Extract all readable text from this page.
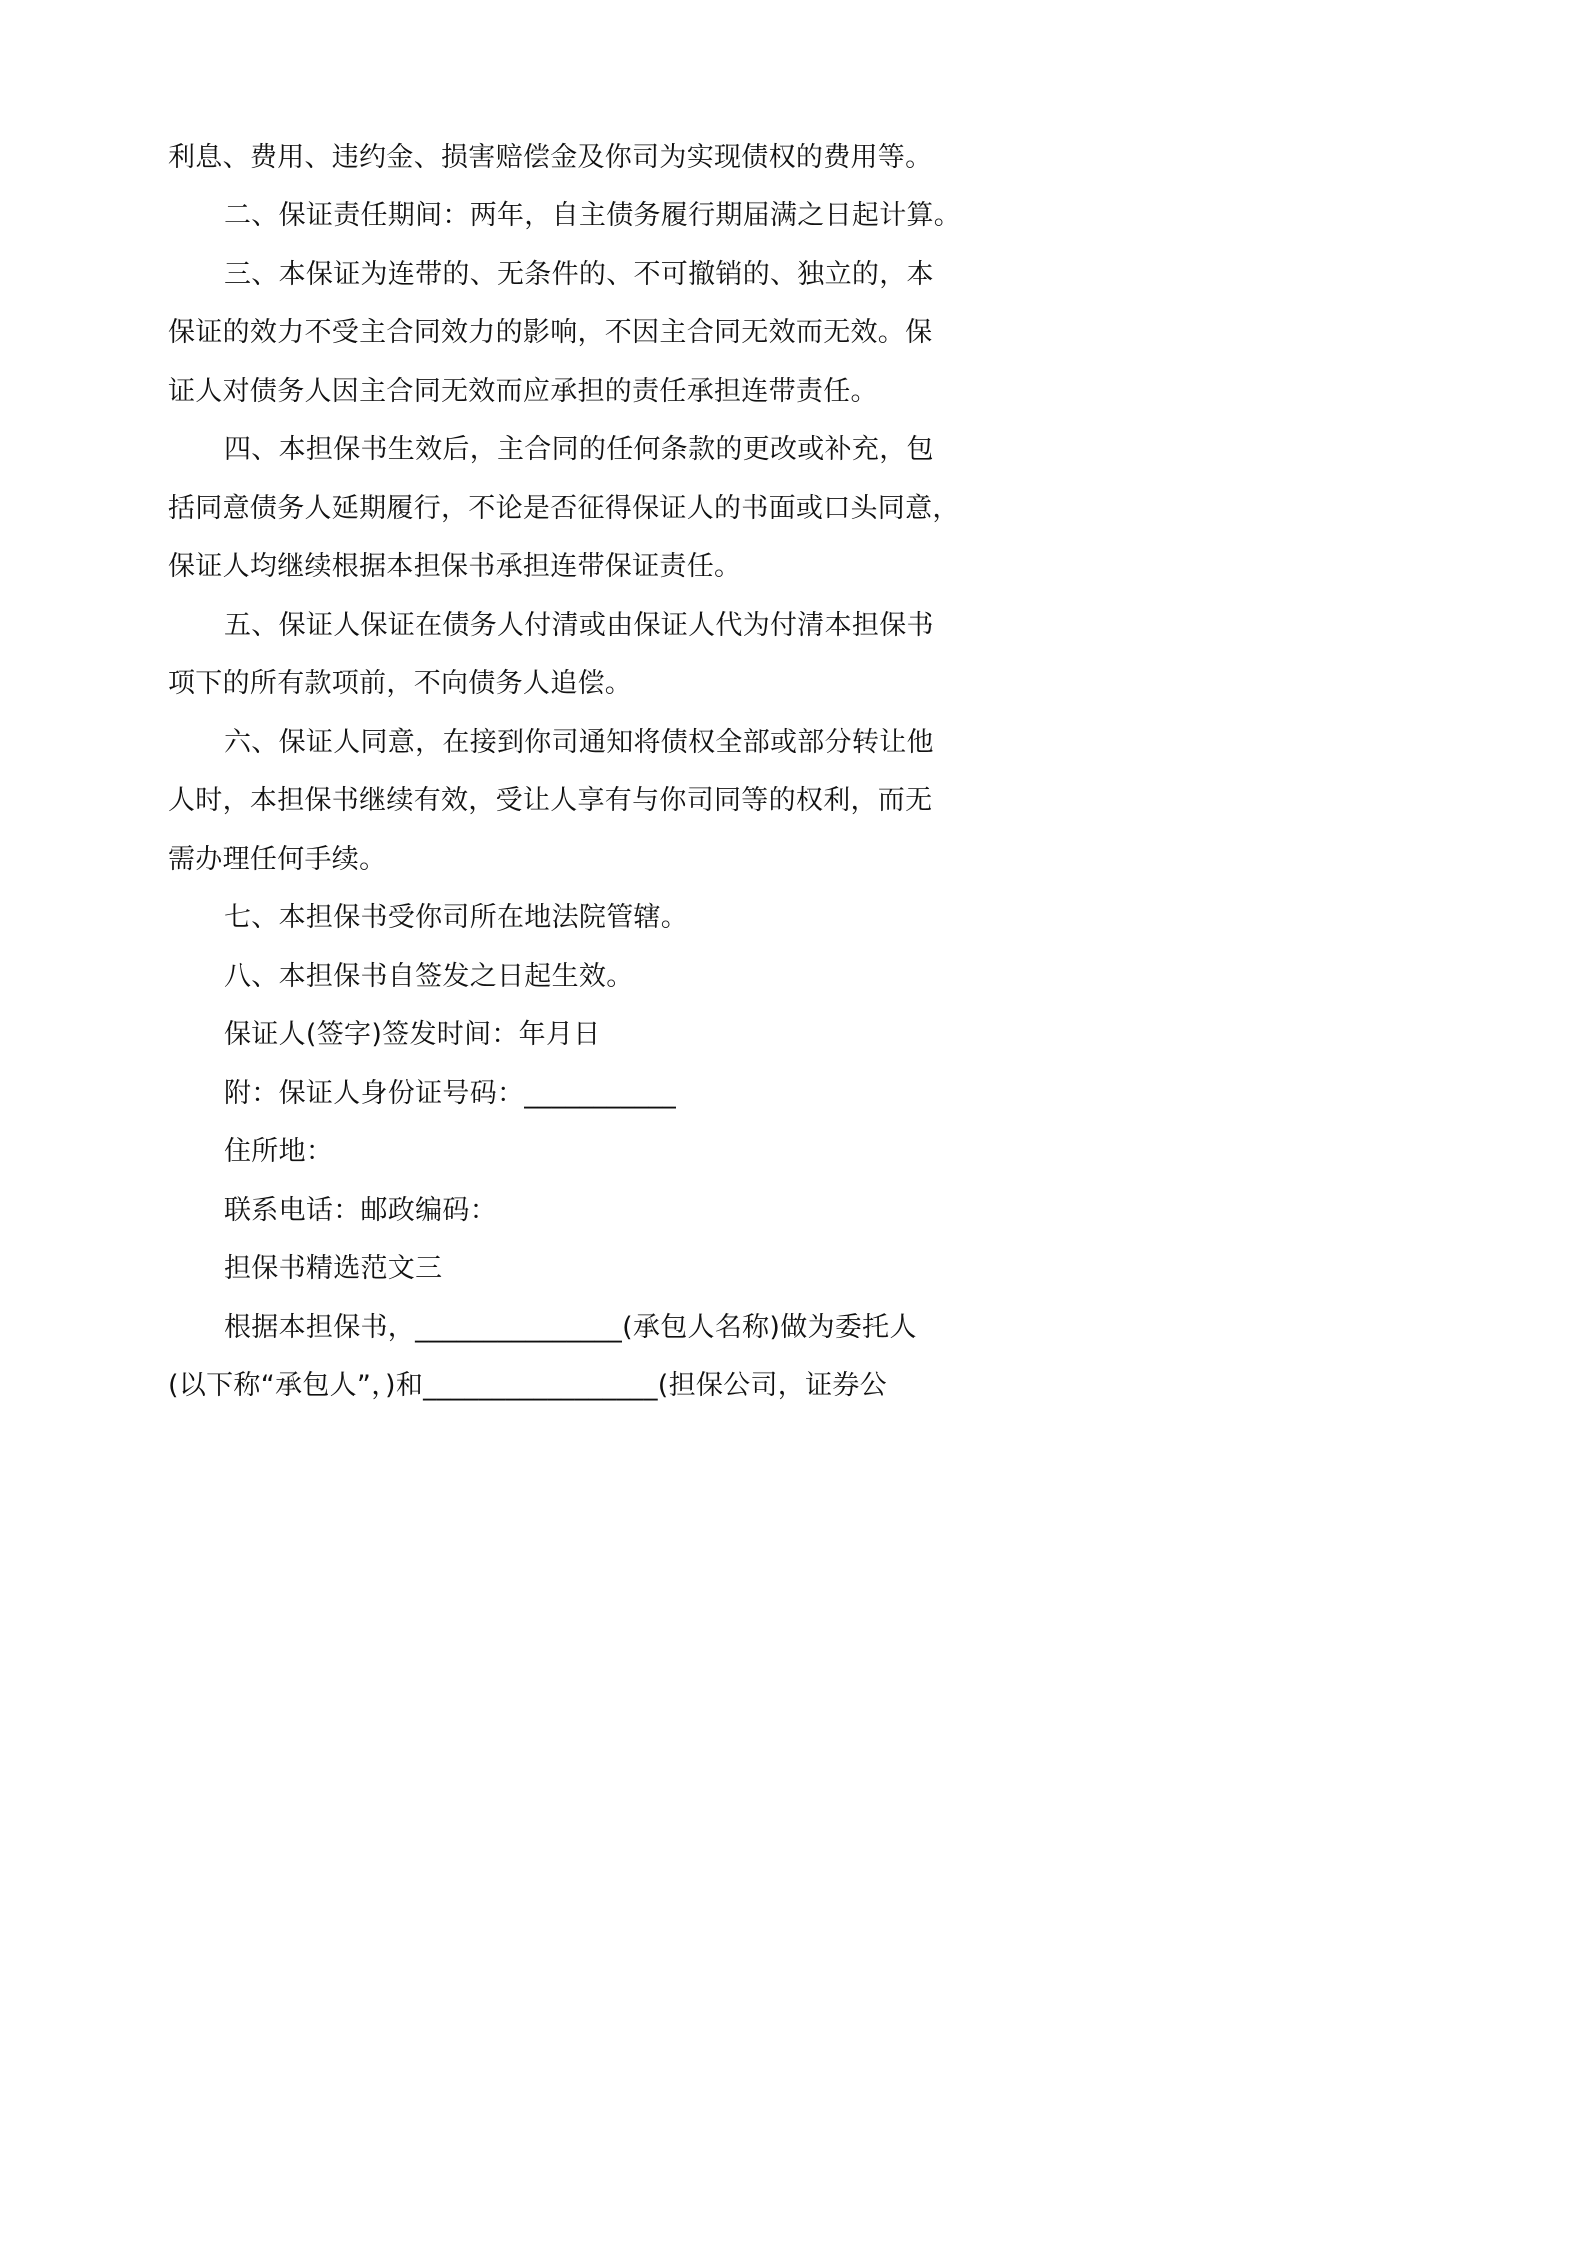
利息、费用、违约金、损害赔偿金及你司为实现债权的费用等。
二、保证责任期间：两年，自主债务履行期届满之日起计算。
三、本保证为连带的、无条件的、不可撤销的、独立的，本
保证的效力不受主合同效力的影响，不因主合同无效而无效。保
证人对债务人因主合同无效而应承担的责任承担连带责任。
四、本担保书生效后，主合同的任何条款的更改或补充，包
括同意债务人延期履行，不论是否征得保证人的书面或口头同意，
保证人均继续根据本担保书承担连带保证责任。
五、保证人保证在债务人付清或由保证人代为付清本担保书
项下的所有款项前，不向债务人追偿。
六、保证人同意，在接到你司通知将债权全部或部分转让他
人时，本担保书继续有效，受让人享有与你司同等的权利，而无
需办理任何手续。
七、本担保书受你司所在地法院管辖。
八、本担保书自签发之日起生效。
保证人(签字)签发时间：年月日
附：保证人身份证号码：___________
住所地：
联系电话：邮政编码：
担保书精选范文三
根据本担保书，_______________(承包人名称)做为委托人
(以下称“承包人”，)和_________________(担保公司，证券公
